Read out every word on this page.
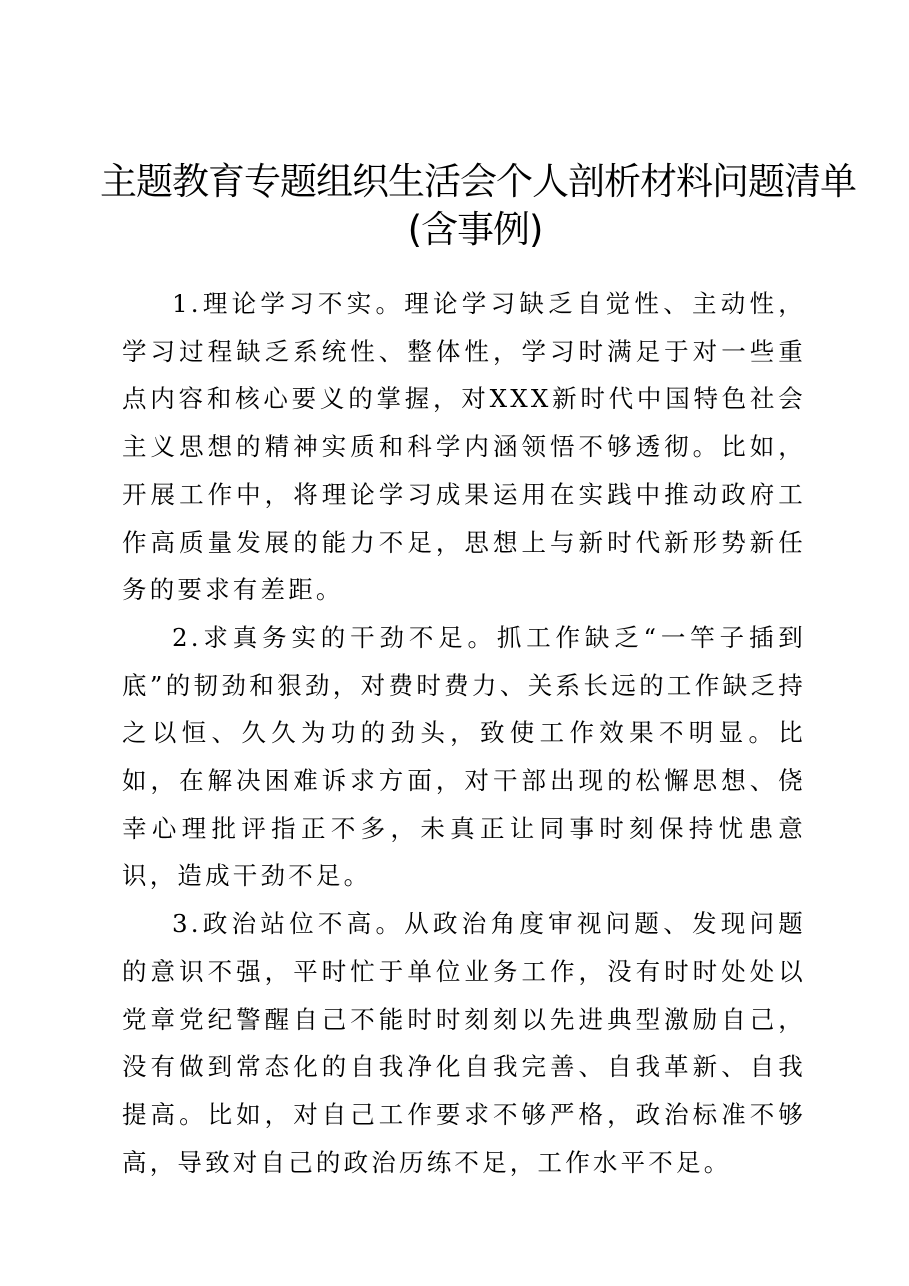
主题教育专题组织生活会个人剖析材料问题清单
(含事例)

1.理论学习不实。理论学习缺乏自觉性、主动性，学习过程缺乏系统性、整体性，学习时满足于对一些重点内容和核心要义的掌握，对XXX新时代中国特色社会主义思想的精神实质和科学内涵领悟不够透彻。比如，开展工作中，将理论学习成果运用在实践中推动政府工作高质量发展的能力不足，思想上与新时代新形势新任务的要求有差距。

2.求真务实的干劲不足。抓工作缺乏“一竿子插到底”的韧劲和狠劲，对费时费力、关系长远的工作缺乏持之以恒、久久为功的劲头，致使工作效果不明显。比如，在解决困难诉求方面，对干部出现的松懈思想、侥幸心理批评指正不多，未真正让同事时刻保持忧患意识，造成干劲不足。

3.政治站位不高。从政治角度审视问题、发现问题的意识不强，平时忙于单位业务工作，没有时时处处以党章党纪警醒自己不能时时刻刻以先进典型激励自己，没有做到常态化的自我净化自我完善、自我革新、自我提高。比如，对自己工作要求不够严格，政治标准不够高，导致对自己的政治历练不足，工作水平不足。
